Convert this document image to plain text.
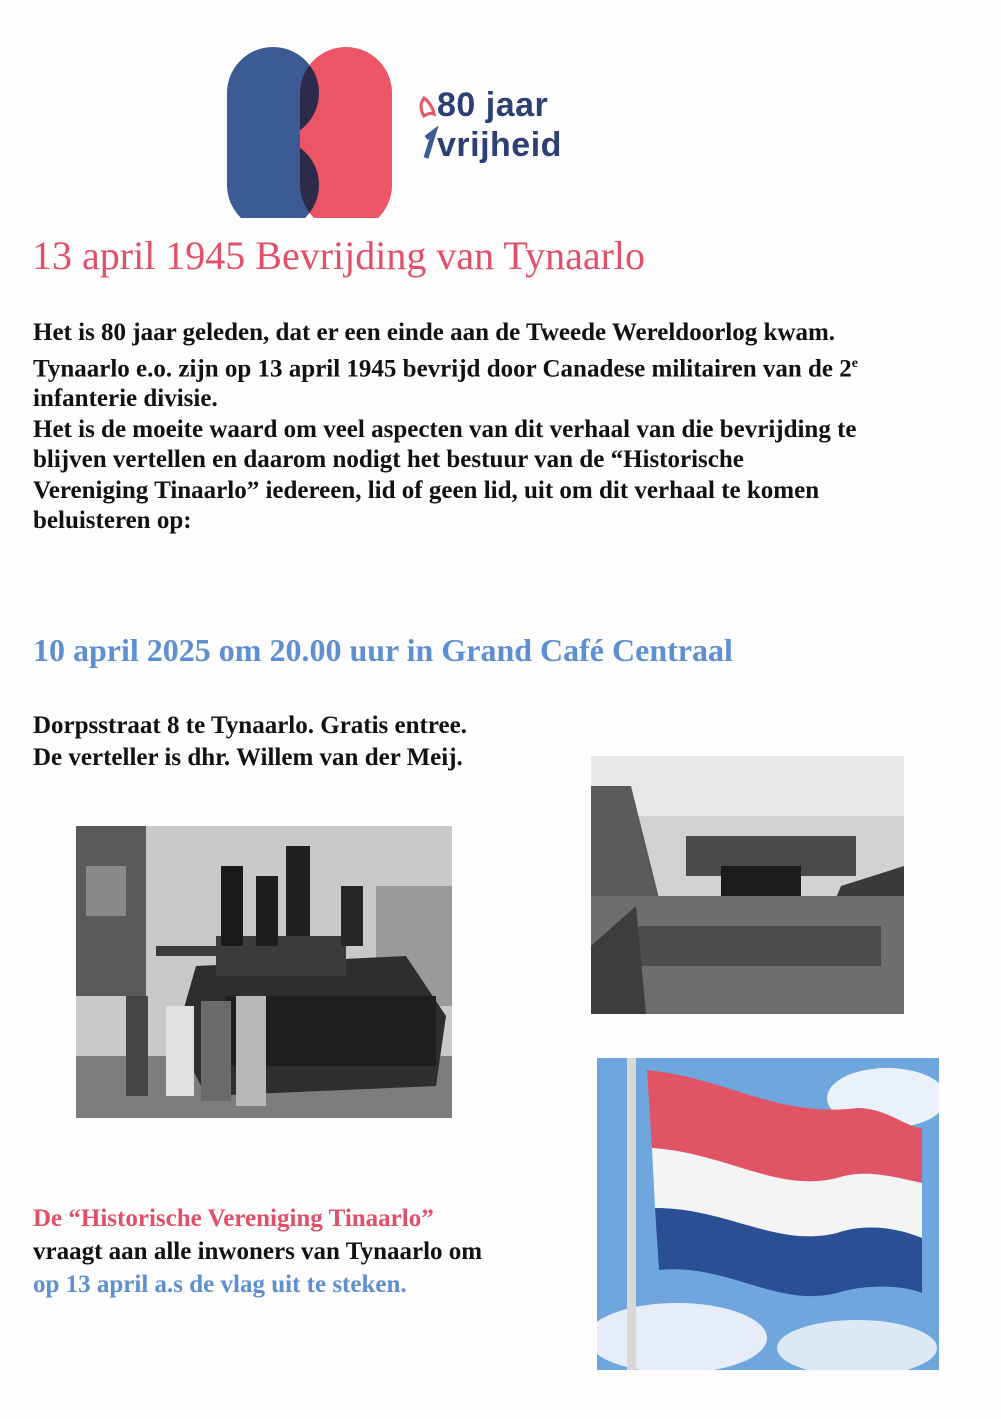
80 jaar
vrijheid
13 april 1945 Bevrijding van Tynaarlo

Het is 80 jaar geleden, dat er een einde aan de Tweede Wereldoorlog kwam.

Tynaarlo e.o. zijn op 13 april 1945 bevrijd door Canadese militairen van de 2e infanterie divisie.

Het is de moeite waard om veel aspecten van dit verhaal van die bevrijding te blijven vertellen en daarom nodigt het bestuur van de “Historische Vereniging Tinaarlo” iedereen, lid of geen lid, uit om dit verhaal te komen beluisteren op:

10 april 2025 om 20.00 uur in Grand Café Centraal

Dorpsstraat 8 te Tynaarlo. Gratis entree.

De verteller is dhr. Willem van der Meij.

De “Historische Vereniging Tinaarlo”

vraagt aan alle inwoners van Tynaarlo om

op 13 april a.s de vlag uit te steken.
